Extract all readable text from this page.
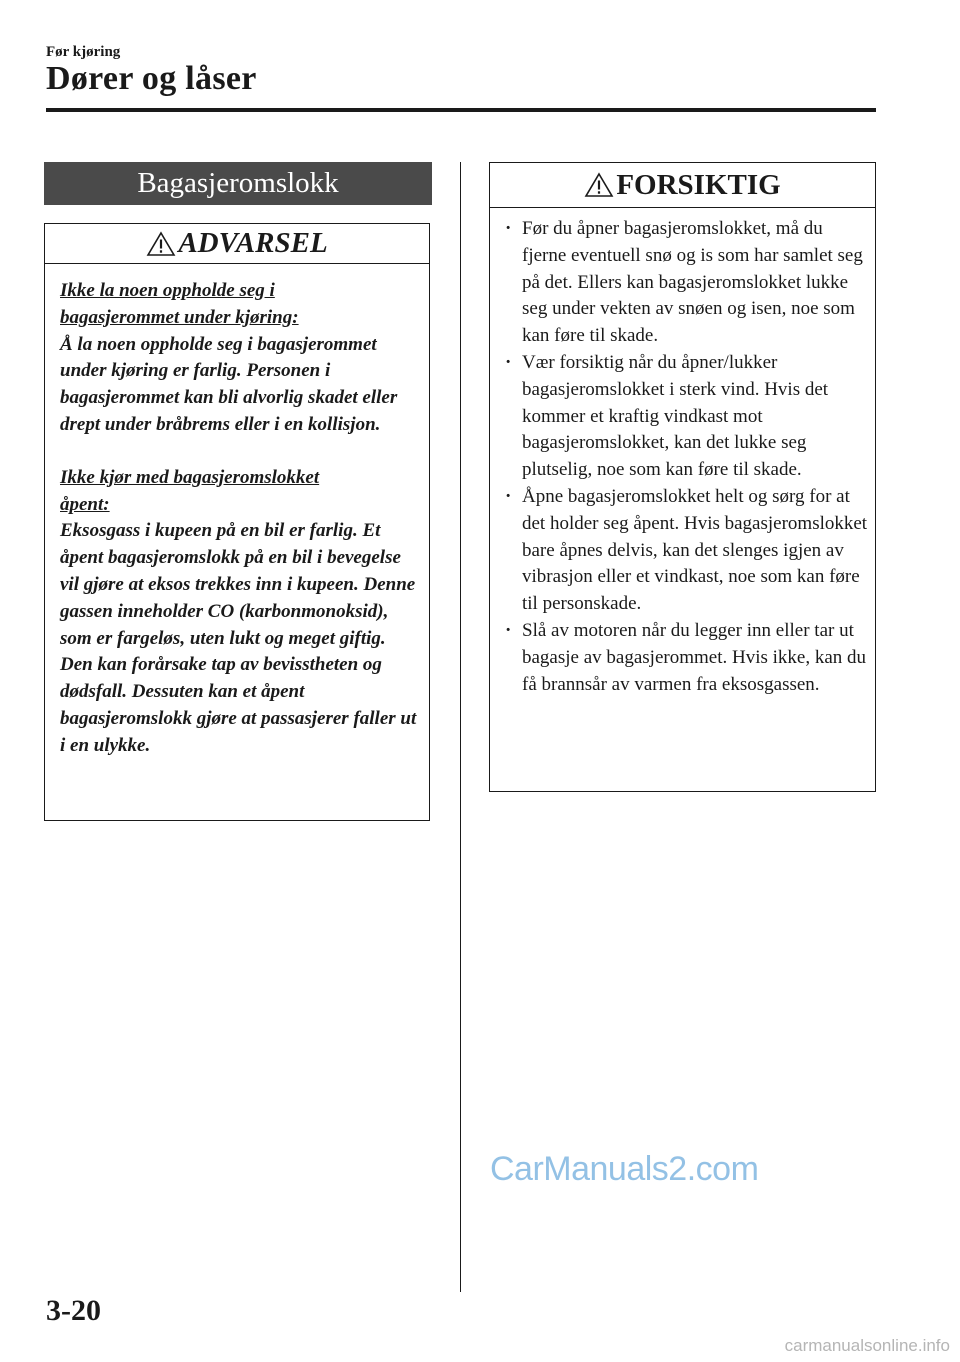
Før kjøring
Dører og låser
Bagasjeromslokk
ADVARSEL

Ikke la noen oppholde seg i
bagasjerommet under kjøring:

Å la noen oppholde seg i bagasjerommet under kjøring er farlig. Personen i bagasjerommet kan bli alvorlig skadet eller drept under bråbrems eller i en kollisjon.

Ikke kjør med bagasjeromslokket
åpent:

Eksosgass i kupeen på en bil er farlig. Et åpent bagasjeromslokk på en bil i bevegelse vil gjøre at eksos trekkes inn i kupeen. Denne gassen inneholder CO (karbonmonoksid), som er fargeløs, uten lukt og meget giftig. Den kan forårsake tap av bevisstheten og dødsfall. Dessuten kan et åpent bagasjeromslokk gjøre at passasjerer faller ut i en ulykke.

FORSIKTIG
· Før du åpner bagasjeromslokket, må du fjerne eventuell snø og is som har samlet seg på det. Ellers kan bagasjeromslokket lukke seg under vekten av snøen og isen, noe som kan føre til skade.
· Vær forsiktig når du åpner/lukker bagasjeromslokket i sterk vind. Hvis det kommer et kraftig vindkast mot bagasjeromslokket, kan det lukke seg plutselig, noe som kan føre til skade.
· Åpne bagasjeromslokket helt og sørg for at det holder seg åpent. Hvis bagasjeromslokket bare åpnes delvis, kan det slenges igjen av vibrasjon eller et vindkast, noe som kan føre til personskade.
· Slå av motoren når du legger inn eller tar ut bagasje av bagasjerommet. Hvis ikke, kan du få brannsår av varmen fra eksosgassen.
CarManuals2.com
3-20
carmanualsonline.info
